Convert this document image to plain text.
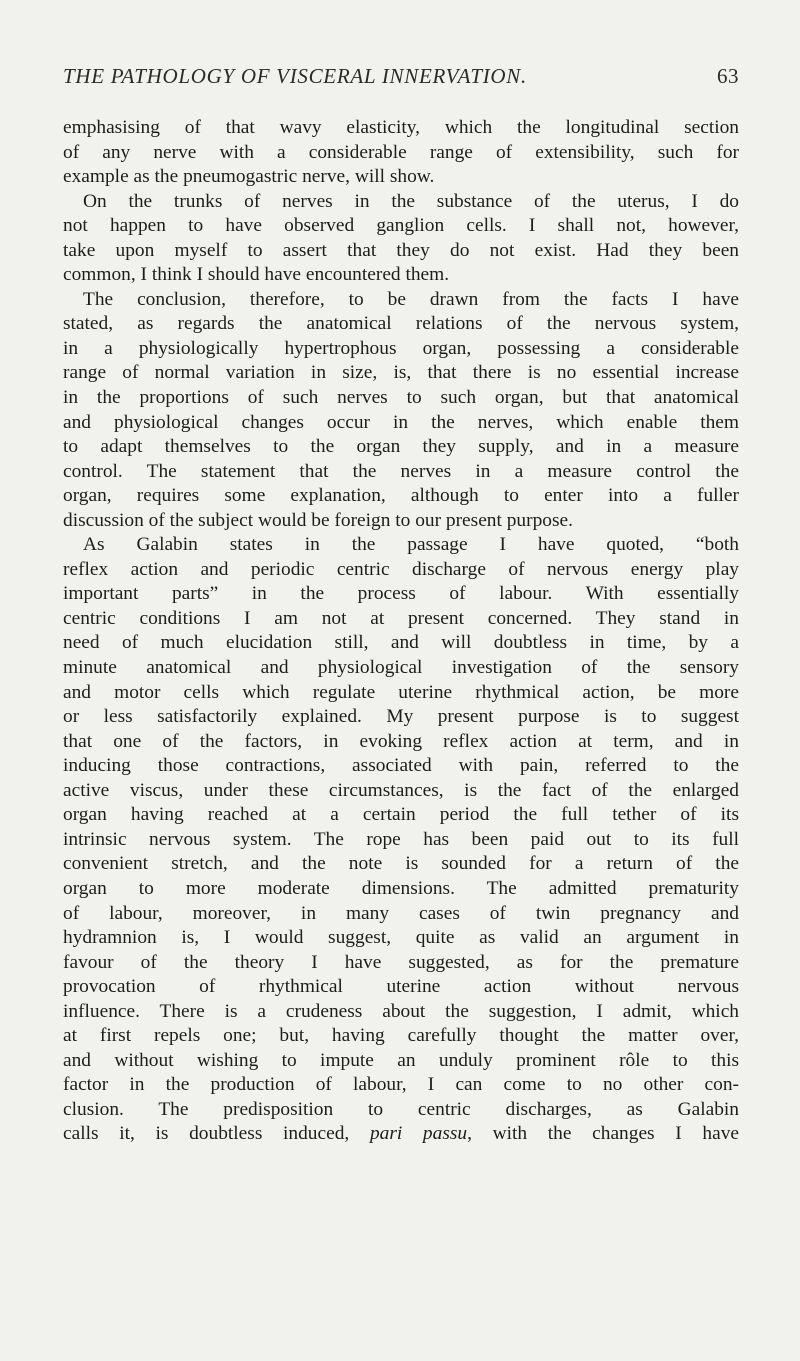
THE PATHOLOGY OF VISCERAL INNERVATION.	63
emphasising of that wavy elasticity, which the longitudinal section
of any nerve with a considerable range of extensibility, such for
example as the pneumogastric nerve, will show.
On the trunks of nerves in the substance of the uterus, I do
not happen to have observed ganglion cells. I shall not, however,
take upon myself to assert that they do not exist. Had they been
common, I think I should have encountered them.
The conclusion, therefore, to be drawn from the facts I have
stated, as regards the anatomical relations of the nervous system,
in a physiologically hypertrophous organ, possessing a considerable
range of normal variation in size, is, that there is no essential increase
in the proportions of such nerves to such organ, but that anatomical
and physiological changes occur in the nerves, which enable them
to adapt themselves to the organ they supply, and in a measure
control. The statement that the nerves in a measure control the
organ, requires some explanation, although to enter into a fuller
discussion of the subject would be foreign to our present purpose.
As Galabin states in the passage I have quoted, “both
reflex action and periodic centric discharge of nervous energy play
important parts” in the process of labour. With essentially
centric conditions I am not at present concerned. They stand in
need of much elucidation still, and will doubtless in time, by a
minute anatomical and physiological investigation of the sensory
and motor cells which regulate uterine rhythmical action, be more
or less satisfactorily explained. My present purpose is to suggest
that one of the factors, in evoking reflex action at term, and in
inducing those contractions, associated with pain, referred to the
active viscus, under these circumstances, is the fact of the enlarged
organ having reached at a certain period the full tether of its
intrinsic nervous system. The rope has been paid out to its full
convenient stretch, and the note is sounded for a return of the
organ to more moderate dimensions. The admitted prematurity
of labour, moreover, in many cases of twin pregnancy and
hydramnion is, I would suggest, quite as valid an argument in
favour of the theory I have suggested, as for the premature
provocation of rhythmical uterine action without nervous
influence. There is a crudeness about the suggestion, I admit, which
at first repels one; but, having carefully thought the matter over,
and without wishing to impute an unduly prominent rôle to this
factor in the production of labour, I can come to no other con-
clusion. The predisposition to centric discharges, as Galabin
calls it, is doubtless induced, pari passu, with the changes I have
